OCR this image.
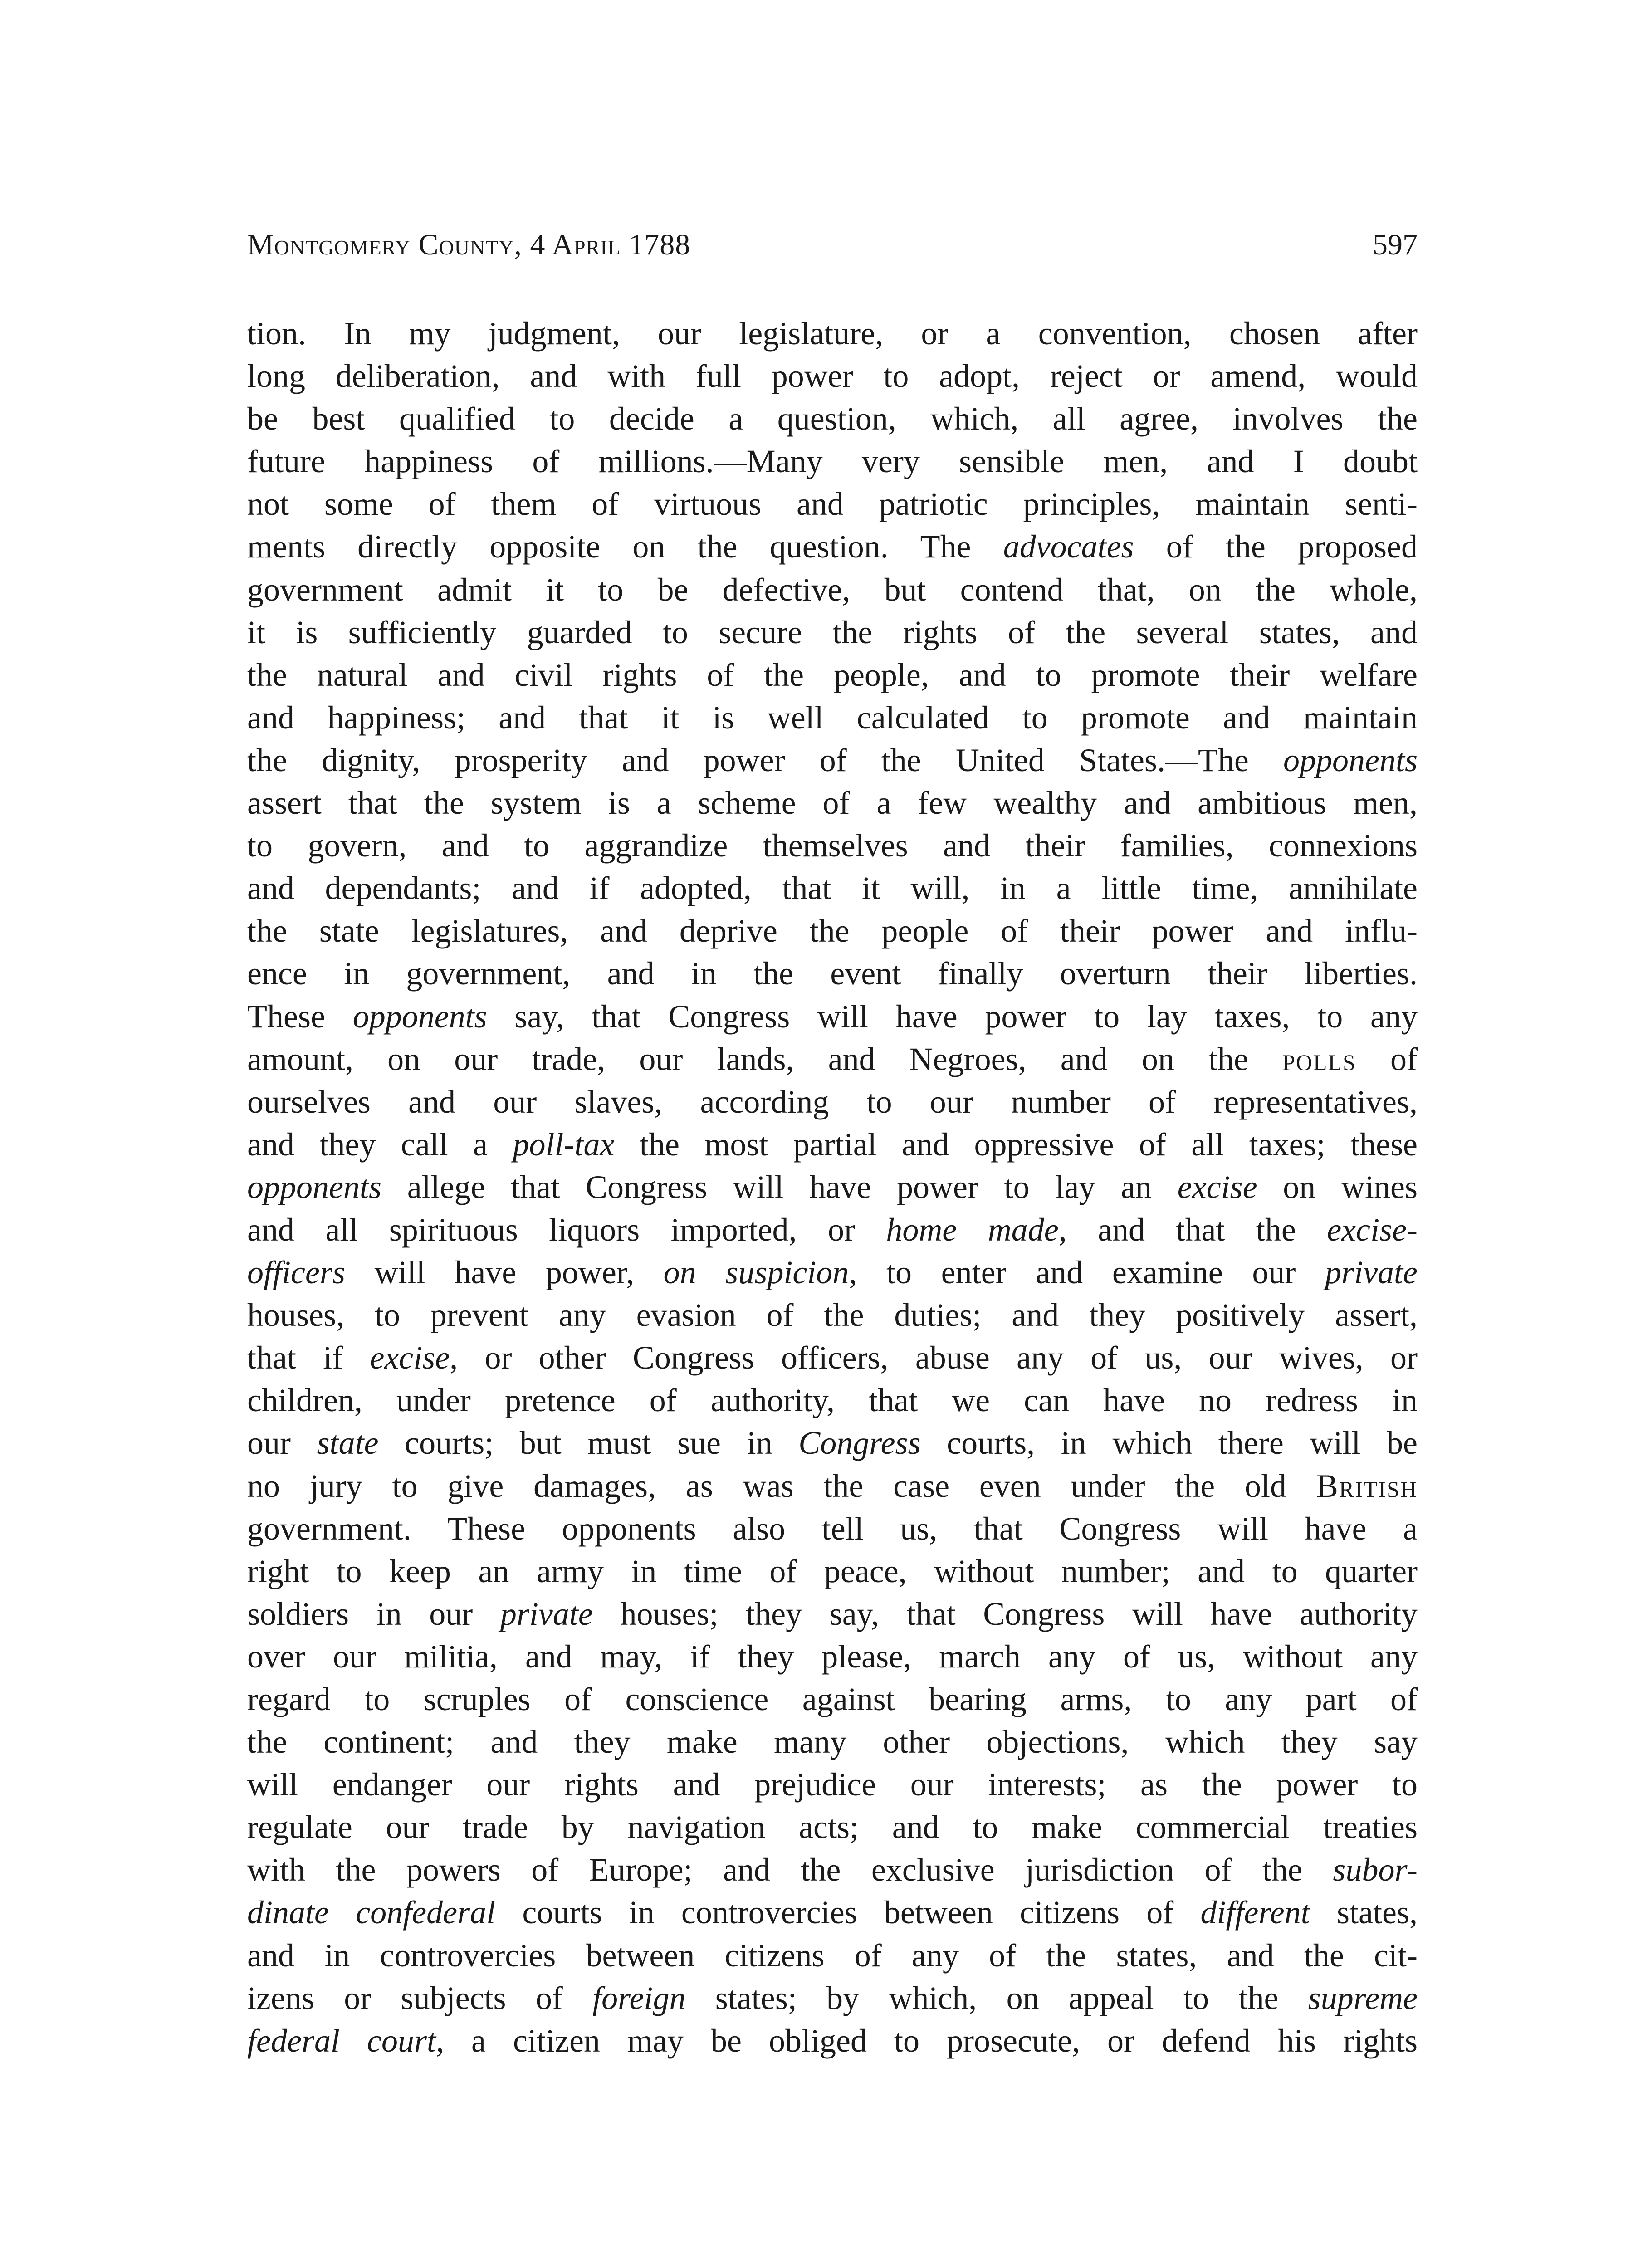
Montgomery County, 4 April 1788	597
tion. In my judgment, our legislature, or a convention, chosen after
long deliberation, and with full power to adopt, reject or amend, would
be best qualified to decide a question, which, all agree, involves the
future happiness of millions.—Many very sensible men, and I doubt
not some of them of virtuous and patriotic principles, maintain senti-
ments directly opposite on the question. The advocates of the proposed
government admit it to be defective, but contend that, on the whole,
it is sufficiently guarded to secure the rights of the several states, and
the natural and civil rights of the people, and to promote their welfare
and happiness; and that it is well calculated to promote and maintain
the dignity, prosperity and power of the United States.—The opponents
assert that the system is a scheme of a few wealthy and ambitious men,
to govern, and to aggrandize themselves and their families, connexions
and dependants; and if adopted, that it will, in a little time, annihilate
the state legislatures, and deprive the people of their power and influ-
ence in government, and in the event finally overturn their liberties.
These opponents say, that Congress will have power to lay taxes, to any
amount, on our trade, our lands, and Negroes, and on the polls of
ourselves and our slaves, according to our number of representatives,
and they call a poll-tax the most partial and oppressive of all taxes; these
opponents allege that Congress will have power to lay an excise on wines
and all spirituous liquors imported, or home made, and that the excise-
officers will have power, on suspicion, to enter and examine our private
houses, to prevent any evasion of the duties; and they positively assert,
that if excise, or other Congress officers, abuse any of us, our wives, or
children, under pretence of authority, that we can have no redress in
our state courts; but must sue in Congress courts, in which there will be
no jury to give damages, as was the case even under the old British
government. These opponents also tell us, that Congress will have a
right to keep an army in time of peace, without number; and to quarter
soldiers in our private houses; they say, that Congress will have authority
over our militia, and may, if they please, march any of us, without any
regard to scruples of conscience against bearing arms, to any part of
the continent; and they make many other objections, which they say
will endanger our rights and prejudice our interests; as the power to
regulate our trade by navigation acts; and to make commercial treaties
with the powers of Europe; and the exclusive jurisdiction of the subor-
dinate confederal courts in controvercies between citizens of different states,
and in controvercies between citizens of any of the states, and the cit-
izens or subjects of foreign states; by which, on appeal to the supreme
federal court, a citizen may be obliged to prosecute, or defend his rights
